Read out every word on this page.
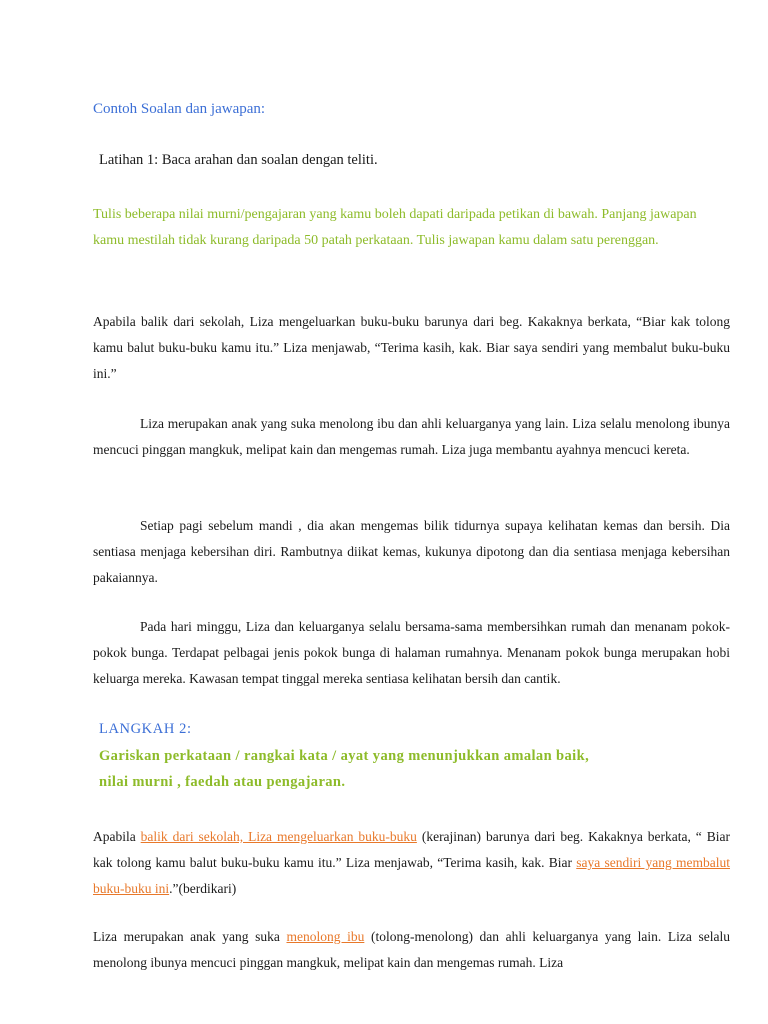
Contoh Soalan dan jawapan:
Latihan 1: Baca arahan dan soalan dengan teliti.
Tulis beberapa nilai murni/pengajaran yang kamu boleh dapati daripada petikan di bawah. Panjang jawapan kamu mestilah tidak kurang daripada 50 patah perkataan. Tulis jawapan kamu dalam satu perenggan.
Apabila balik dari sekolah, Liza mengeluarkan buku-buku barunya dari beg. Kakaknya berkata, “Biar kak tolong kamu balut buku-buku kamu itu.” Liza menjawab, “Terima kasih, kak. Biar saya sendiri yang membalut buku-buku ini.”
Liza merupakan anak yang suka menolong ibu dan ahli keluarganya yang lain. Liza selalu menolong ibunya mencuci pinggan mangkuk, melipat kain dan mengemas rumah. Liza juga membantu ayahnya mencuci kereta.
Setiap pagi sebelum mandi , dia akan mengemas bilik tidurnya supaya kelihatan kemas dan bersih. Dia sentiasa menjaga kebersihan diri. Rambutnya diikat kemas, kukunya dipotong dan dia sentiasa menjaga kebersihan pakaiannya.
Pada hari minggu, Liza dan keluarganya selalu bersama-sama membersihkan rumah dan menanam pokok-pokok bunga. Terdapat pelbagai jenis pokok bunga di halaman rumahnya. Menanam pokok bunga merupakan hobi keluarga mereka. Kawasan tempat tinggal mereka sentiasa kelihatan bersih dan cantik.
LANGKAH 2:
Gariskan perkataan / rangkai kata / ayat yang menunjukkan amalan baik, nilai murni , faedah atau pengajaran.
Apabila balik dari sekolah, Liza mengeluarkan buku-buku (kerajinan) barunya dari beg. Kakaknya berkata, “ Biar kak tolong kamu balut buku-buku kamu itu.” Liza menjawab, “Terima kasih, kak. Biar saya sendiri yang membalut buku-buku ini.”(berdikari)
Liza merupakan anak yang suka menolong ibu (tolong-menolong) dan ahli keluarganya yang lain. Liza selalu menolong ibunya mencuci pinggan mangkuk, melipat kain dan mengemas rumah. Liza
